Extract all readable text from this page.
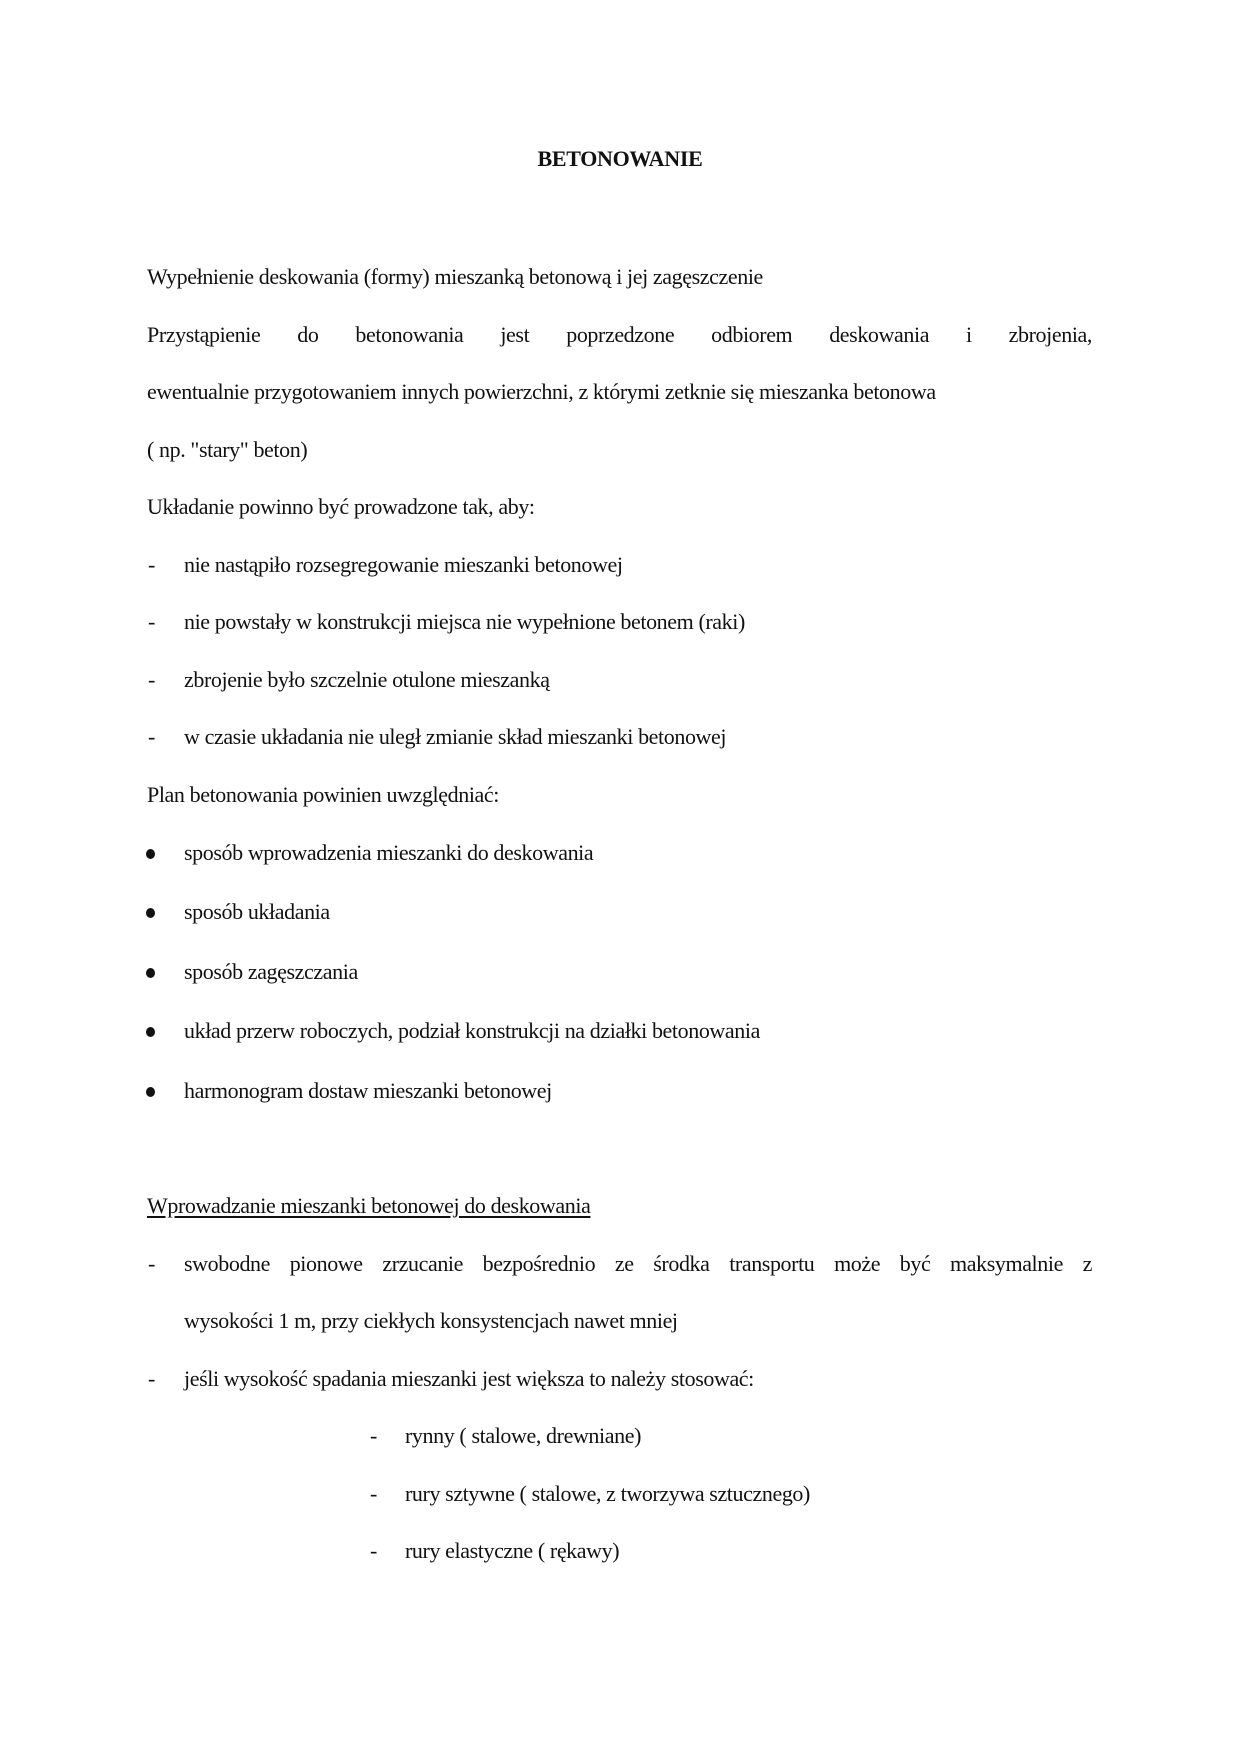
BETONOWANIE
Wypełnienie deskowania (formy) mieszanką betonową i jej zagęszczenie
Przystąpienie do betonowania jest poprzedzone odbiorem deskowania i zbrojenia,
ewentualnie przygotowaniem innych powierzchni, z którymi zetknie się mieszanka betonowa
( np. "stary" beton)
Układanie powinno być prowadzone tak, aby:
- nie nastąpiło rozsegregowanie mieszanki betonowej
- nie powstały w konstrukcji miejsca nie wypełnione betonem (raki)
- zbrojenie było szczelnie otulone mieszanką
- w czasie układania nie uległ zmianie skład mieszanki betonowej
Plan betonowania powinien uwzględniać:
sposób wprowadzenia mieszanki do deskowania
sposób układania
sposób zagęszczania
układ przerw roboczych, podział konstrukcji na działki betonowania
harmonogram dostaw mieszanki betonowej
Wprowadzanie mieszanki betonowej do deskowania
- swobodne pionowe zrzucanie bezpośrednio ze środka transportu może być maksymalnie z
wysokości 1 m, przy ciekłych konsystencjach nawet mniej
- jeśli wysokość spadania mieszanki jest większa to należy stosować:
- rynny ( stalowe, drewniane)
- rury sztywne ( stalowe, z tworzywa sztucznego)
- rury elastyczne ( rękawy)
